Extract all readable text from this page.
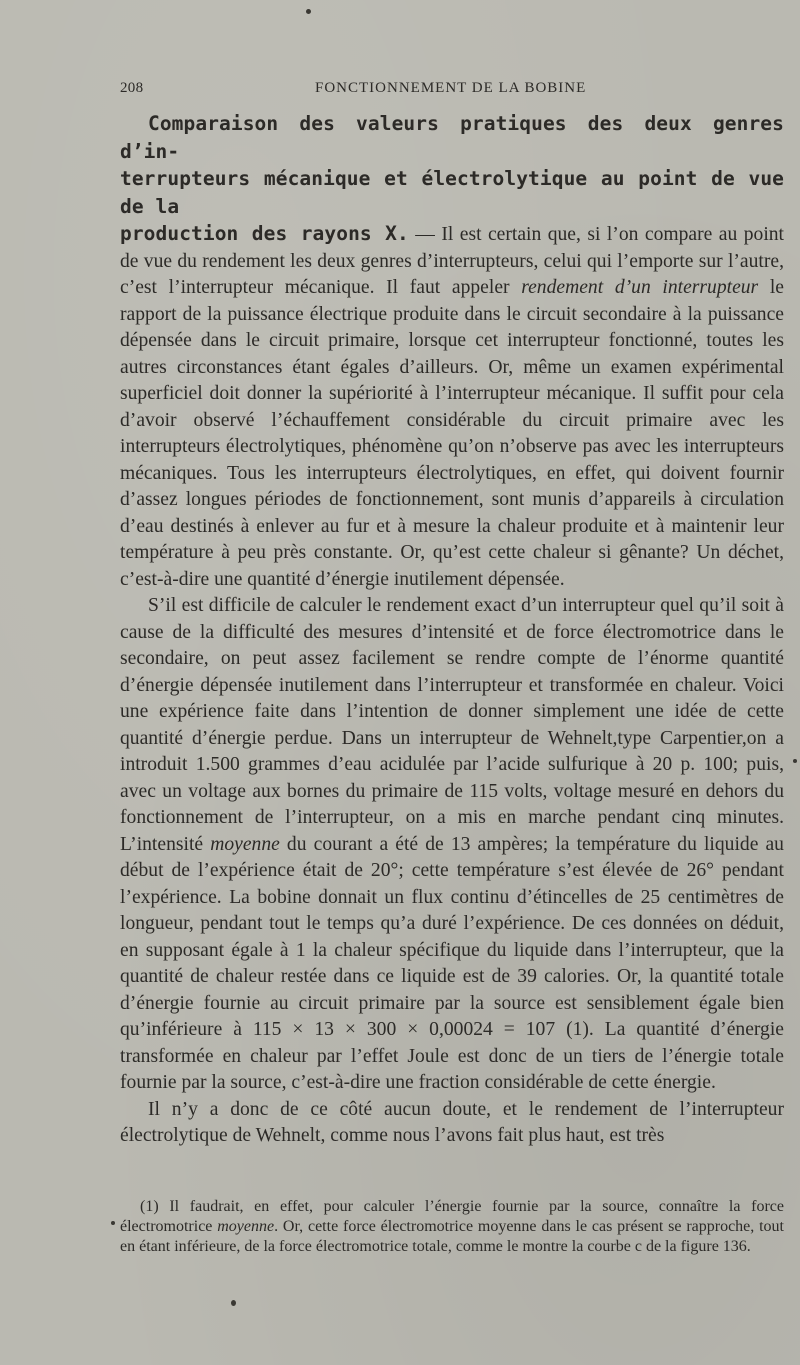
208	FONCTIONNEMENT DE LA BOBINE

Comparaison des valeurs pratiques des deux genres d’in-
terrupteurs mécanique et électrolytique au point de vue de la
production des rayons X. — Il est certain que, si l’on compare au point de vue du rendement les deux genres d’interrupteurs, celui qui l’emporte sur l’autre, c’est l’interrupteur mécanique. Il faut appeler rendement d’un interrupteur le rapport de la puissance électrique produite dans le circuit secondaire à la puissance dépensée dans le circuit primaire, lorsque cet interrupteur fonctionné, toutes les autres circonstances étant égales d’ailleurs. Or, même un examen expérimental superficiel doit donner la supériorité à l’interrupteur mécanique. Il suffit pour cela d’avoir observé l’échauffement considérable du circuit primaire avec les interrupteurs électrolytiques, phénomène qu’on n’observe pas avec les interrupteurs mécaniques. Tous les interrupteurs électrolytiques, en effet, qui doivent fournir d’assez longues périodes de fonctionnement, sont munis d’appareils à circulation d’eau destinés à enlever au fur et à mesure la chaleur produite et à maintenir leur température à peu près constante. Or, qu’est cette chaleur si gênante? Un déchet, c’est-à-dire une quantité d’énergie inutilement dépensée.

S’il est difficile de calculer le rendement exact d’un interrupteur quel qu’il soit à cause de la difficulté des mesures d’intensité et de force électromotrice dans le secondaire, on peut assez facilement se rendre compte de l’énorme quantité d’énergie dépensée inutilement dans l’interrupteur et transformée en chaleur. Voici une expérience faite dans l’intention de donner simplement une idée de cette quantité d’énergie perdue. Dans un interrupteur de Wehnelt,type Carpentier,on a introduit 1.500 grammes d’eau acidulée par l’acide sulfurique à 20 p. 100; puis, avec un voltage aux bornes du primaire de 115 volts, voltage mesuré en dehors du fonctionnement de l’interrupteur, on a mis en marche pendant cinq minutes. L’intensité moyenne du courant a été de 13 ampères; la température du liquide au début de l’expérience était de 20°; cette température s’est élevée de 26° pendant l’expérience. La bobine donnait un flux continu d’étincelles de 25 centimètres de longueur, pendant tout le temps qu’a duré l’expérience. De ces données on déduit, en supposant égale à 1 la chaleur spécifique du liquide dans l’interrupteur, que la quantité de chaleur restée dans ce liquide est de 39 calories. Or, la quantité totale d’énergie fournie au circuit primaire par la source est sensiblement égale bien qu’inférieure à 115 × 13 × 300 × 0,00024 = 107 (1). La quantité d’énergie transformée en chaleur par l’effet Joule est donc de un tiers de l’énergie totale fournie par la source, c’est-à-dire une fraction considérable de cette énergie.

Il n’y a donc de ce côté aucun doute, et le rendement de l’interrupteur électrolytique de Wehnelt, comme nous l’avons fait plus haut, est très

(1) Il faudrait, en effet, pour calculer l’énergie fournie par la source, connaître la force électromotrice moyenne. Or, cette force électromotrice moyenne dans le cas présent se rapproche, tout en étant inférieure, de la force électromotrice totale, comme le montre la courbe c de la figure 136.
